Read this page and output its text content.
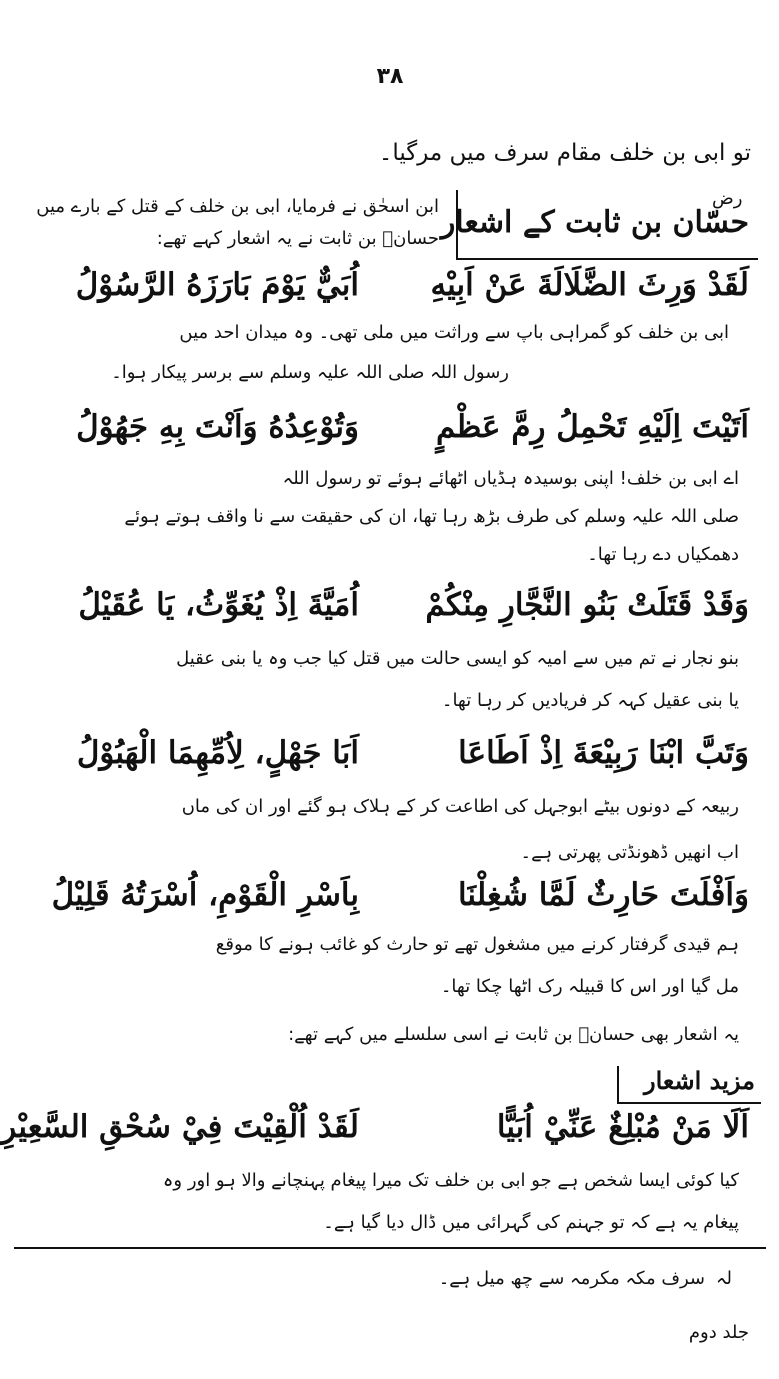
۳۸
تو ابی بن خلف مقام سرف میں مرگیا۔
حسّان بن ثابت کے اشعار
رض
ابن اسحٰق نے فرمایا، ابی بن خلف کے قتل کے بارے میں
حسانؓ بن ثابت نے یہ اشعار کہے تھے:
لَقَدْ وَرِثَ الضَّلَالَةَ عَنْ اَبِيْهِ
اُبَيٌّ يَوْمَ بَارَزَهُ الرَّسُوْلُ
ابی بن خلف کو گمراہی باپ سے وراثت میں ملی تھی۔ وہ میدان احد میں
رسول اللہ صلی اللہ علیہ وسلم سے برسر پیکار ہوا۔
اَتَيْتَ اِلَيْهِ تَحْمِلُ رِمَّ عَظْمٍ
وَتُوْعِدُهُ وَاَنْتَ بِهِ جَهُوْلُ
اے ابی بن خلف! اپنی بوسیدہ ہڈیاں اٹھائے ہوئے تو رسول اللہ
صلی اللہ علیہ وسلم کی طرف بڑھ رہا تھا، ان کی حقیقت سے نا واقف ہوتے ہوئے
دھمکیاں دے رہا تھا۔
وَقَدْ قَتَلَتْ بَنُو النَّجَّارِ مِنْكُمْ
اُمَيَّةَ اِذْ يُغَوِّثُ، يَا عُقَيْلُ
بنو نجار نے تم میں سے امیہ کو ایسی حالت میں قتل کیا جب وہ یا بنی عقیل
یا بنی عقیل کہہ کر فریادیں کر رہا تھا۔
وَتَبَّ ابْنَا رَبِيْعَةَ اِذْ اَطَاعَا
اَبَا جَهْلٍ، لِاُمِّهِمَا الْهَبُوْلُ
ربیعہ کے دونوں بیٹے ابوجہل کی اطاعت کر کے ہلاک ہو گئے اور ان کی ماں
اب انھیں ڈھونڈتی پھرتی ہے۔
وَاَفْلَتَ حَارِثٌ لَمَّا شُغِلْنَا
بِاَسْرِ الْقَوْمِ، اُسْرَتُهُ قَلِيْلُ
ہم قیدی گرفتار کرنے میں مشغول تھے تو حارث کو غائب ہونے کا موقع
مل گیا اور اس کا قبیلہ رک اٹھا چکا تھا۔
یہ اشعار بھی حسانؓ بن ثابت نے اسی سلسلے میں کہے تھے:
مزید اشعار
اَلَا مَنْ مُبْلِغٌ عَنِّيْ اُبَيًّا
لَقَدْ اُلْقِيْتَ فِيْ سُحْقِ السَّعِيْرِ
کیا کوئی ایسا شخص ہے جو ابی بن خلف تک میرا پیغام پہنچانے والا ہو اور وہ
پیغام یہ ہے کہ تو جہنم کی گہرائی میں ڈال دیا گیا ہے۔
لہ
سرف مکہ مکرمہ سے چھ میل ہے۔
جلد دوم
